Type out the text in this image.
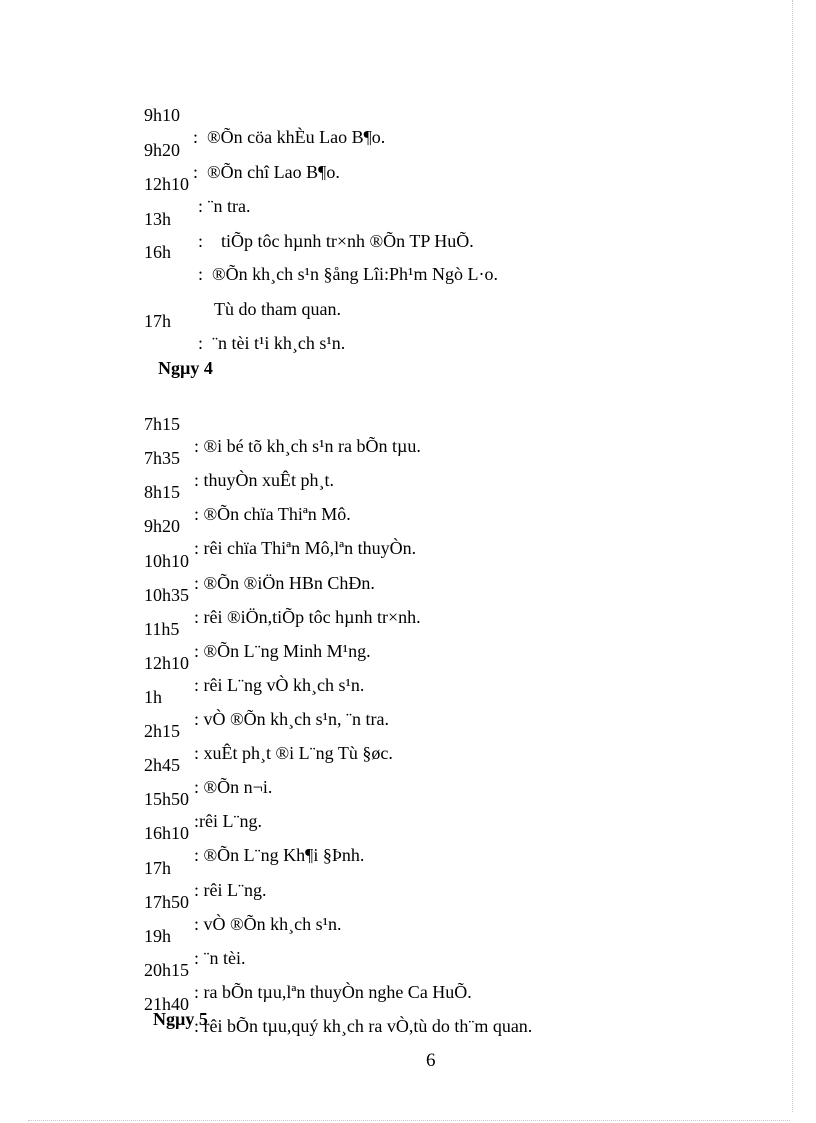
9h10

:  ®Õn cöa khÈu Lao B¶o.

9h20

:  ®Õn chî Lao B¶o.

12h10

: ¨n tra.

13h

:    tiÕp tôc hµnh tr×nh ®Õn TP HuÕ.

16h

:  ®Õn kh¸ch s¹n §ång Lîi:Ph¹m Ngò L·o.

Tù do tham quan.

17h

:  ¨n tèi t¹i kh¸ch s¹n.

Ngµy 4

7h15

: ®i bé tõ kh¸ch s¹n ra bÕn tµu.

7h35

: thuyÒn xuÊt ph¸t.

8h15

: ®Õn chïa Thiªn Mô.

9h20

: rêi chïa Thiªn Mô,lªn thuyÒn.

10h10

: ®Õn ®iÖn HBn ChÐn.

10h35

: rêi ®iÖn,tiÕp tôc hµnh tr×nh.

11h5

: ®Õn L¨ng Minh M¹ng.

12h10

: rêi L¨ng vÒ kh¸ch s¹n.

1h

: vÒ ®Õn kh¸ch s¹n, ¨n tra.

2h15

: xuÊt ph¸t ®i L¨ng Tù §øc.

2h45

: ®Õn n¬i.

15h50

:rêi L¨ng.

16h10

: ®Õn L¨ng Kh¶i §Þnh.

17h

: rêi L¨ng.

17h50

: vÒ ®Õn kh¸ch s¹n.

19h

: ¨n tèi.

20h15

: ra bÕn tµu,lªn thuyÒn nghe Ca HuÕ.

21h40

: rêi bÕn tµu,quý kh¸ch ra vÒ,tù do th¨m quan.

Ngµy 5
6
